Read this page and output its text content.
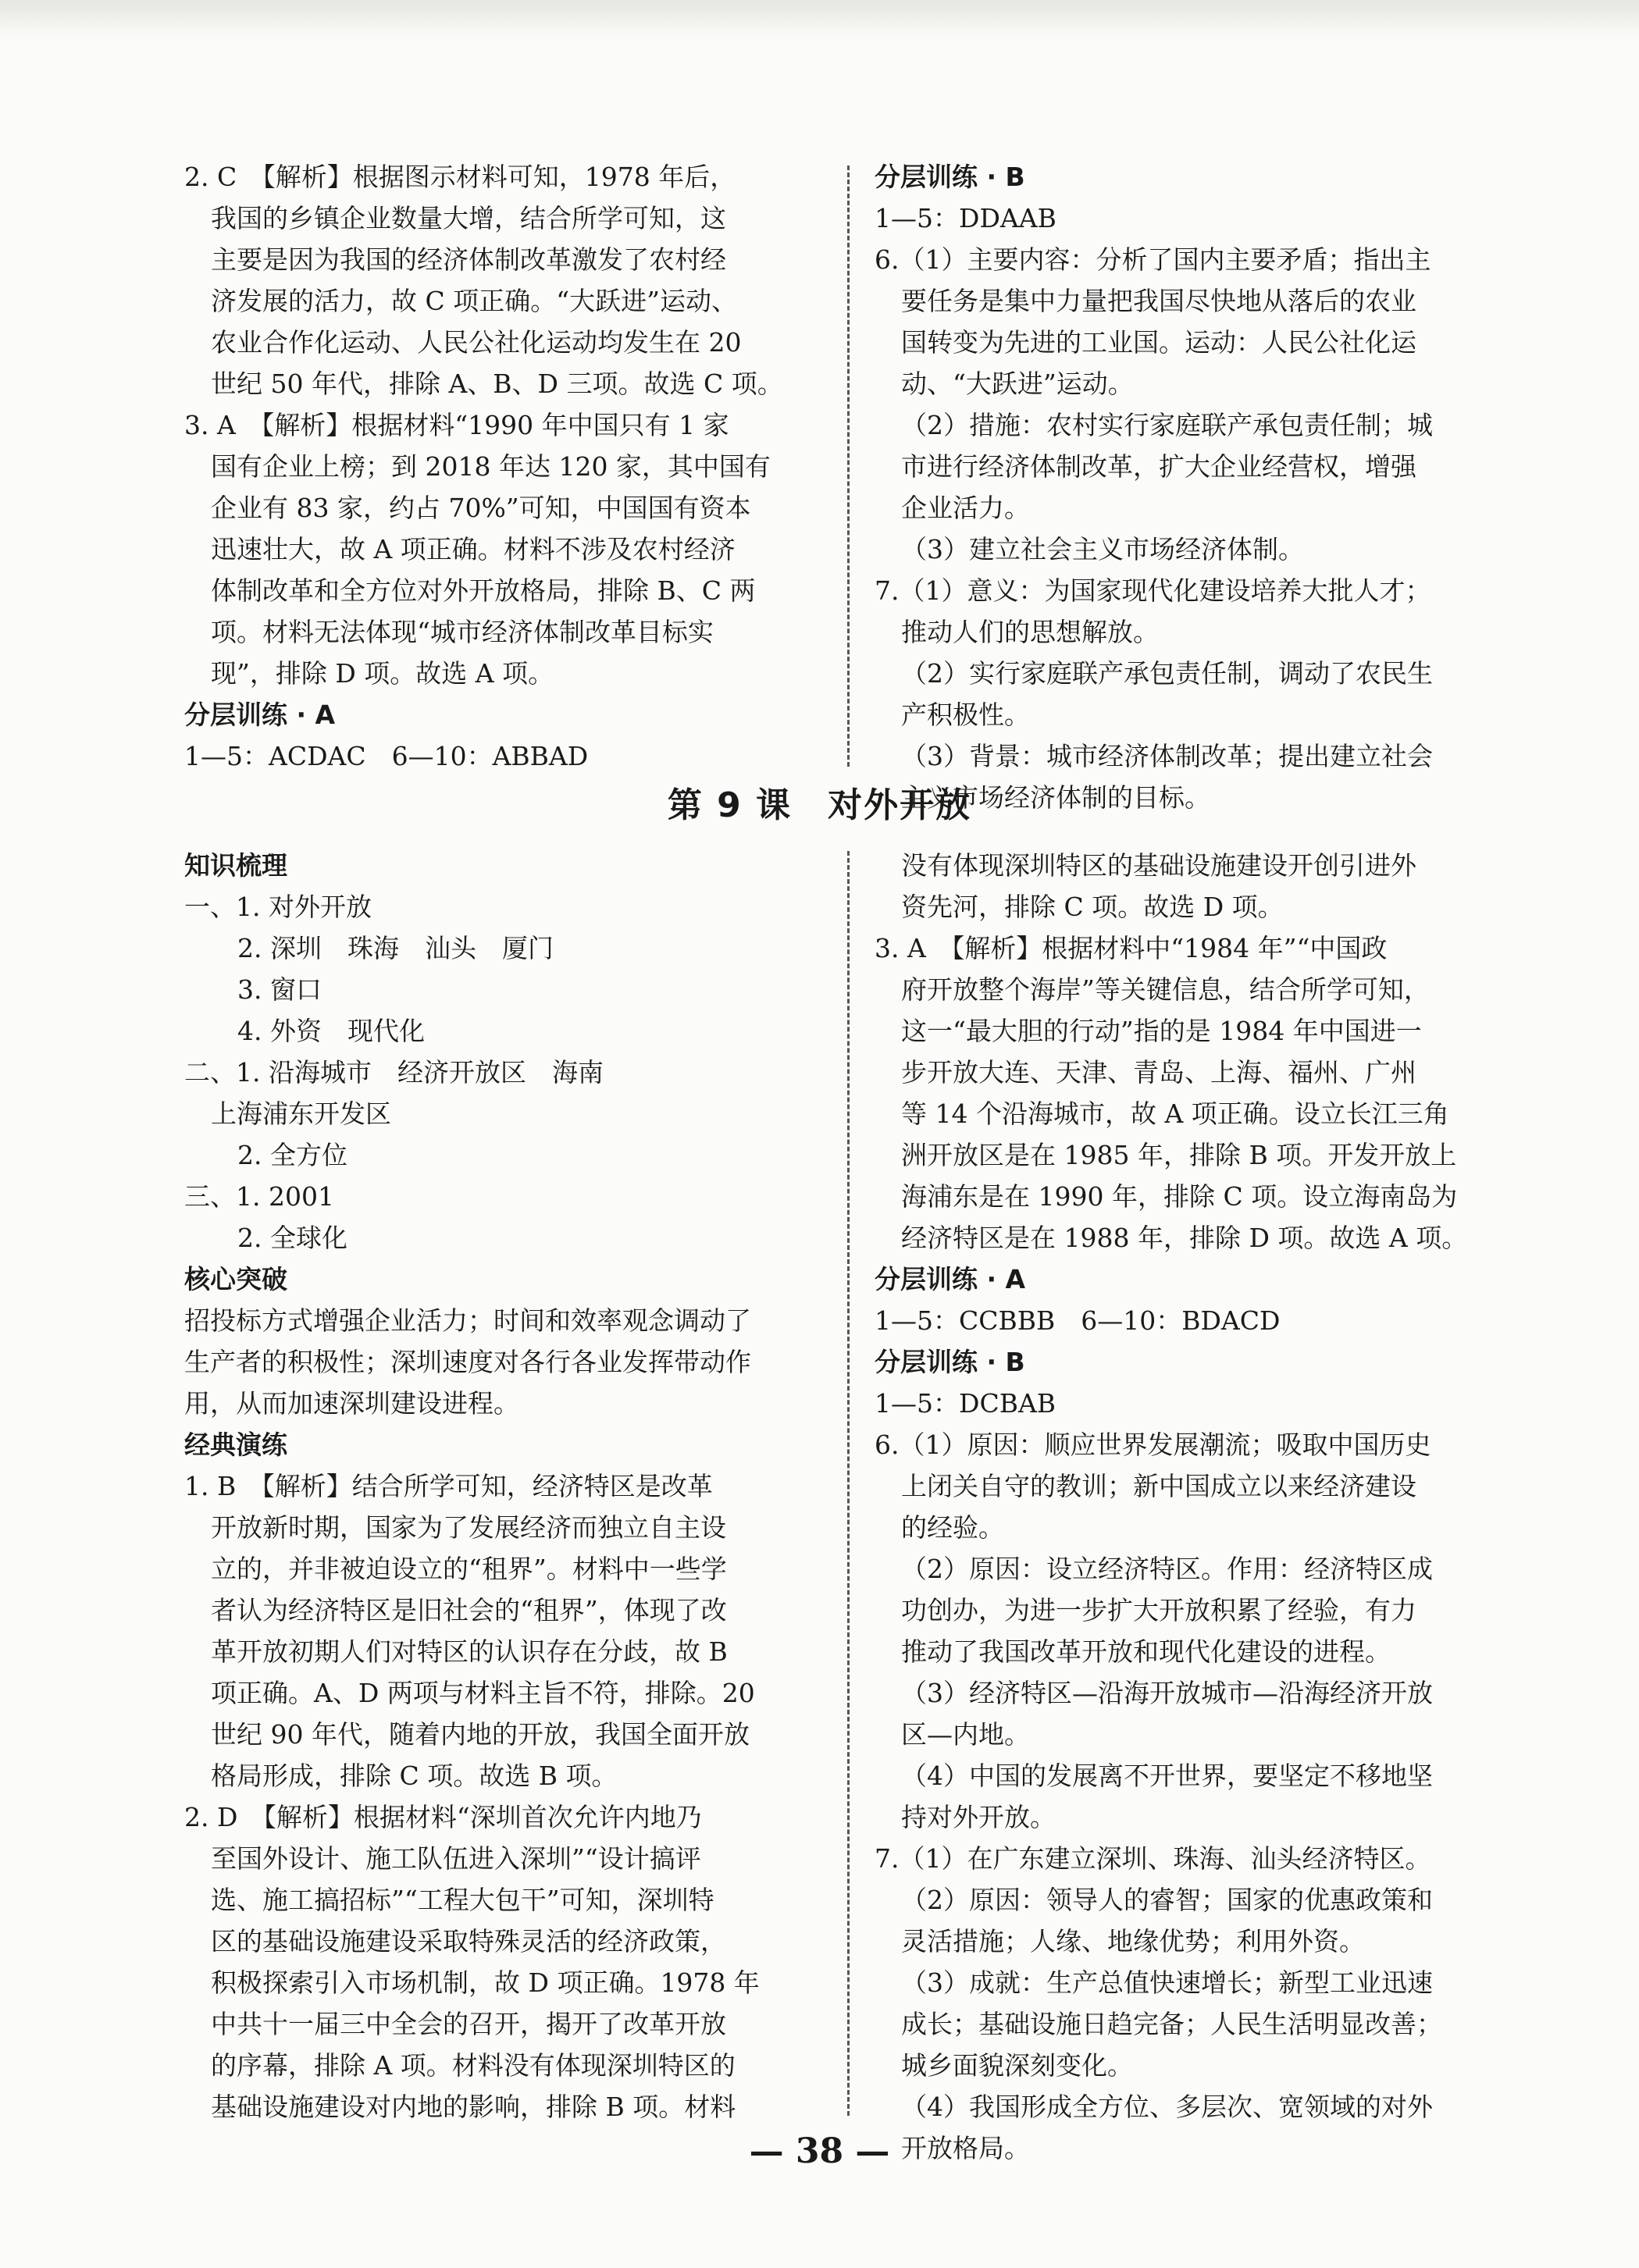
2. C　【解析】根据图示材料可知，1978 年后，
我国的乡镇企业数量大增，结合所学可知，这
主要是因为我国的经济体制改革激发了农村经
济发展的活力，故 C 项正确。“大跃进”运动、
农业合作化运动、人民公社化运动均发生在 20
世纪 50 年代，排除 A、B、D 三项。故选 C 项。
3. A　【解析】根据材料“1990 年中国只有 1 家
国有企业上榜；到 2018 年达 120 家，其中国有
企业有 83 家，约占 70%”可知，中国国有资本
迅速壮大，故 A 项正确。材料不涉及农村经济
体制改革和全方位对外开放格局，排除 B、C 两
项。材料无法体现“城市经济体制改革目标实
现”，排除 D 项。故选 A 项。
分层训练 · A
1—5：ACDAC　6—10：ABBAD
分层训练 · B
1—5：DDAAB
6.（1）主要内容：分析了国内主要矛盾；指出主
要任务是集中力量把我国尽快地从落后的农业
国转变为先进的工业国。运动：人民公社化运
动、“大跃进”运动。
（2）措施：农村实行家庭联产承包责任制；城
市进行经济体制改革，扩大企业经营权，增强
企业活力。
（3）建立社会主义市场经济体制。
7.（1）意义：为国家现代化建设培养大批人才；
推动人们的思想解放。
（2）实行家庭联产承包责任制，调动了农民生
产积极性。
（3）背景：城市经济体制改革；提出建立社会
主义市场经济体制的目标。
第 9 课　对外开放
知识梳理
一、1. 对外开放
2. 深圳　珠海　汕头　厦门
3. 窗口
4. 外资　现代化
二、1. 沿海城市　经济开放区　海南
上海浦东开发区
2. 全方位
三、1. 2001
2. 全球化
核心突破
招投标方式增强企业活力；时间和效率观念调动了
生产者的积极性；深圳速度对各行各业发挥带动作
用，从而加速深圳建设进程。
经典演练
1. B　【解析】结合所学可知，经济特区是改革
开放新时期，国家为了发展经济而独立自主设
立的，并非被迫设立的“租界”。材料中一些学
者认为经济特区是旧社会的“租界”，体现了改
革开放初期人们对特区的认识存在分歧，故 B
项正确。A、D 两项与材料主旨不符，排除。20
世纪 90 年代，随着内地的开放，我国全面开放
格局形成，排除 C 项。故选 B 项。
2. D　【解析】根据材料“深圳首次允许内地乃
至国外设计、施工队伍进入深圳”“设计搞评
选、施工搞招标”“工程大包干”可知，深圳特
区的基础设施建设采取特殊灵活的经济政策，
积极探索引入市场机制，故 D 项正确。1978 年
中共十一届三中全会的召开，揭开了改革开放
的序幕，排除 A 项。材料没有体现深圳特区的
基础设施建设对内地的影响，排除 B 项。材料
没有体现深圳特区的基础设施建设开创引进外
资先河，排除 C 项。故选 D 项。
3. A　【解析】根据材料中“1984 年”“中国政
府开放整个海岸”等关键信息，结合所学可知，
这一“最大胆的行动”指的是 1984 年中国进一
步开放大连、天津、青岛、上海、福州、广州
等 14 个沿海城市，故 A 项正确。设立长江三角
洲开放区是在 1985 年，排除 B 项。开发开放上
海浦东是在 1990 年，排除 C 项。设立海南岛为
经济特区是在 1988 年，排除 D 项。故选 A 项。
分层训练 · A
1—5：CCBBB　6—10：BDACD
分层训练 · B
1—5：DCBAB
6.（1）原因：顺应世界发展潮流；吸取中国历史
上闭关自守的教训；新中国成立以来经济建设
的经验。
（2）原因：设立经济特区。作用：经济特区成
功创办，为进一步扩大开放积累了经验，有力
推动了我国改革开放和现代化建设的进程。
（3）经济特区—沿海开放城市—沿海经济开放
区—内地。
（4）中国的发展离不开世界，要坚定不移地坚
持对外开放。
7.（1）在广东建立深圳、珠海、汕头经济特区。
（2）原因：领导人的睿智；国家的优惠政策和
灵活措施；人缘、地缘优势；利用外资。
（3）成就：生产总值快速增长；新型工业迅速
成长；基础设施日趋完备；人民生活明显改善；
城乡面貌深刻变化。
（4）我国形成全方位、多层次、宽领域的对外
开放格局。
— 38 —
